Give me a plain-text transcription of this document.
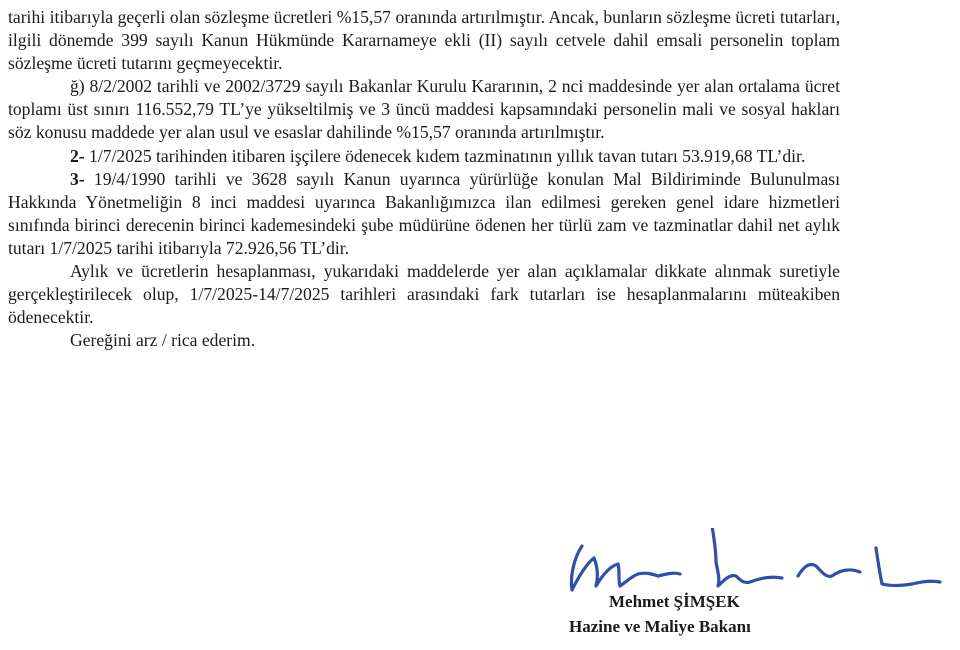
tarihi itibarıyla geçerli olan sözleşme ücretleri %15,57 oranında artırılmıştır. Ancak, bunların sözleşme ücreti tutarları, ilgili dönemde 399 sayılı Kanun Hükmünde Kararnameye ekli (II) sayılı cetvele dahil emsali personelin toplam sözleşme ücreti tutarını geçmeyecektir.

ğ) 8/2/2002 tarihli ve 2002/3729 sayılı Bakanlar Kurulu Kararının, 2 nci maddesinde yer alan ortalama ücret toplamı üst sınırı 116.552,79 TL’ye yükseltilmiş ve 3 üncü maddesi kapsamındaki personelin mali ve sosyal hakları söz konusu maddede yer alan usul ve esaslar dahilinde %15,57 oranında artırılmıştır.

2- 1/7/2025 tarihinden itibaren işçilere ödenecek kıdem tazminatının yıllık tavan tutarı 53.919,68 TL’dir.

3- 19/4/1990 tarihli ve 3628 sayılı Kanun uyarınca yürürlüğe konulan Mal Bildiriminde Bulunulması Hakkında Yönetmeliğin 8 inci maddesi uyarınca Bakanlığımızca ilan edilmesi gereken genel idare hizmetleri sınıfında birinci derecenin birinci kademesindeki şube müdürüne ödenen her türlü zam ve tazminatlar dahil net aylık tutarı 1/7/2025 tarihi itibarıyla 72.926,56 TL’dir.

Aylık ve ücretlerin hesaplanması, yukarıdaki maddelerde yer alan açıklamalar dikkate alınmak suretiyle gerçekleştirilecek olup, 1/7/2025-14/7/2025 tarihleri arasındaki fark tutarları ise hesaplanmalarını müteakiben ödenecektir.

Gereğini arz / rica ederim.

Mehmet ŞİMŞEK
Hazine ve Maliye Bakanı
